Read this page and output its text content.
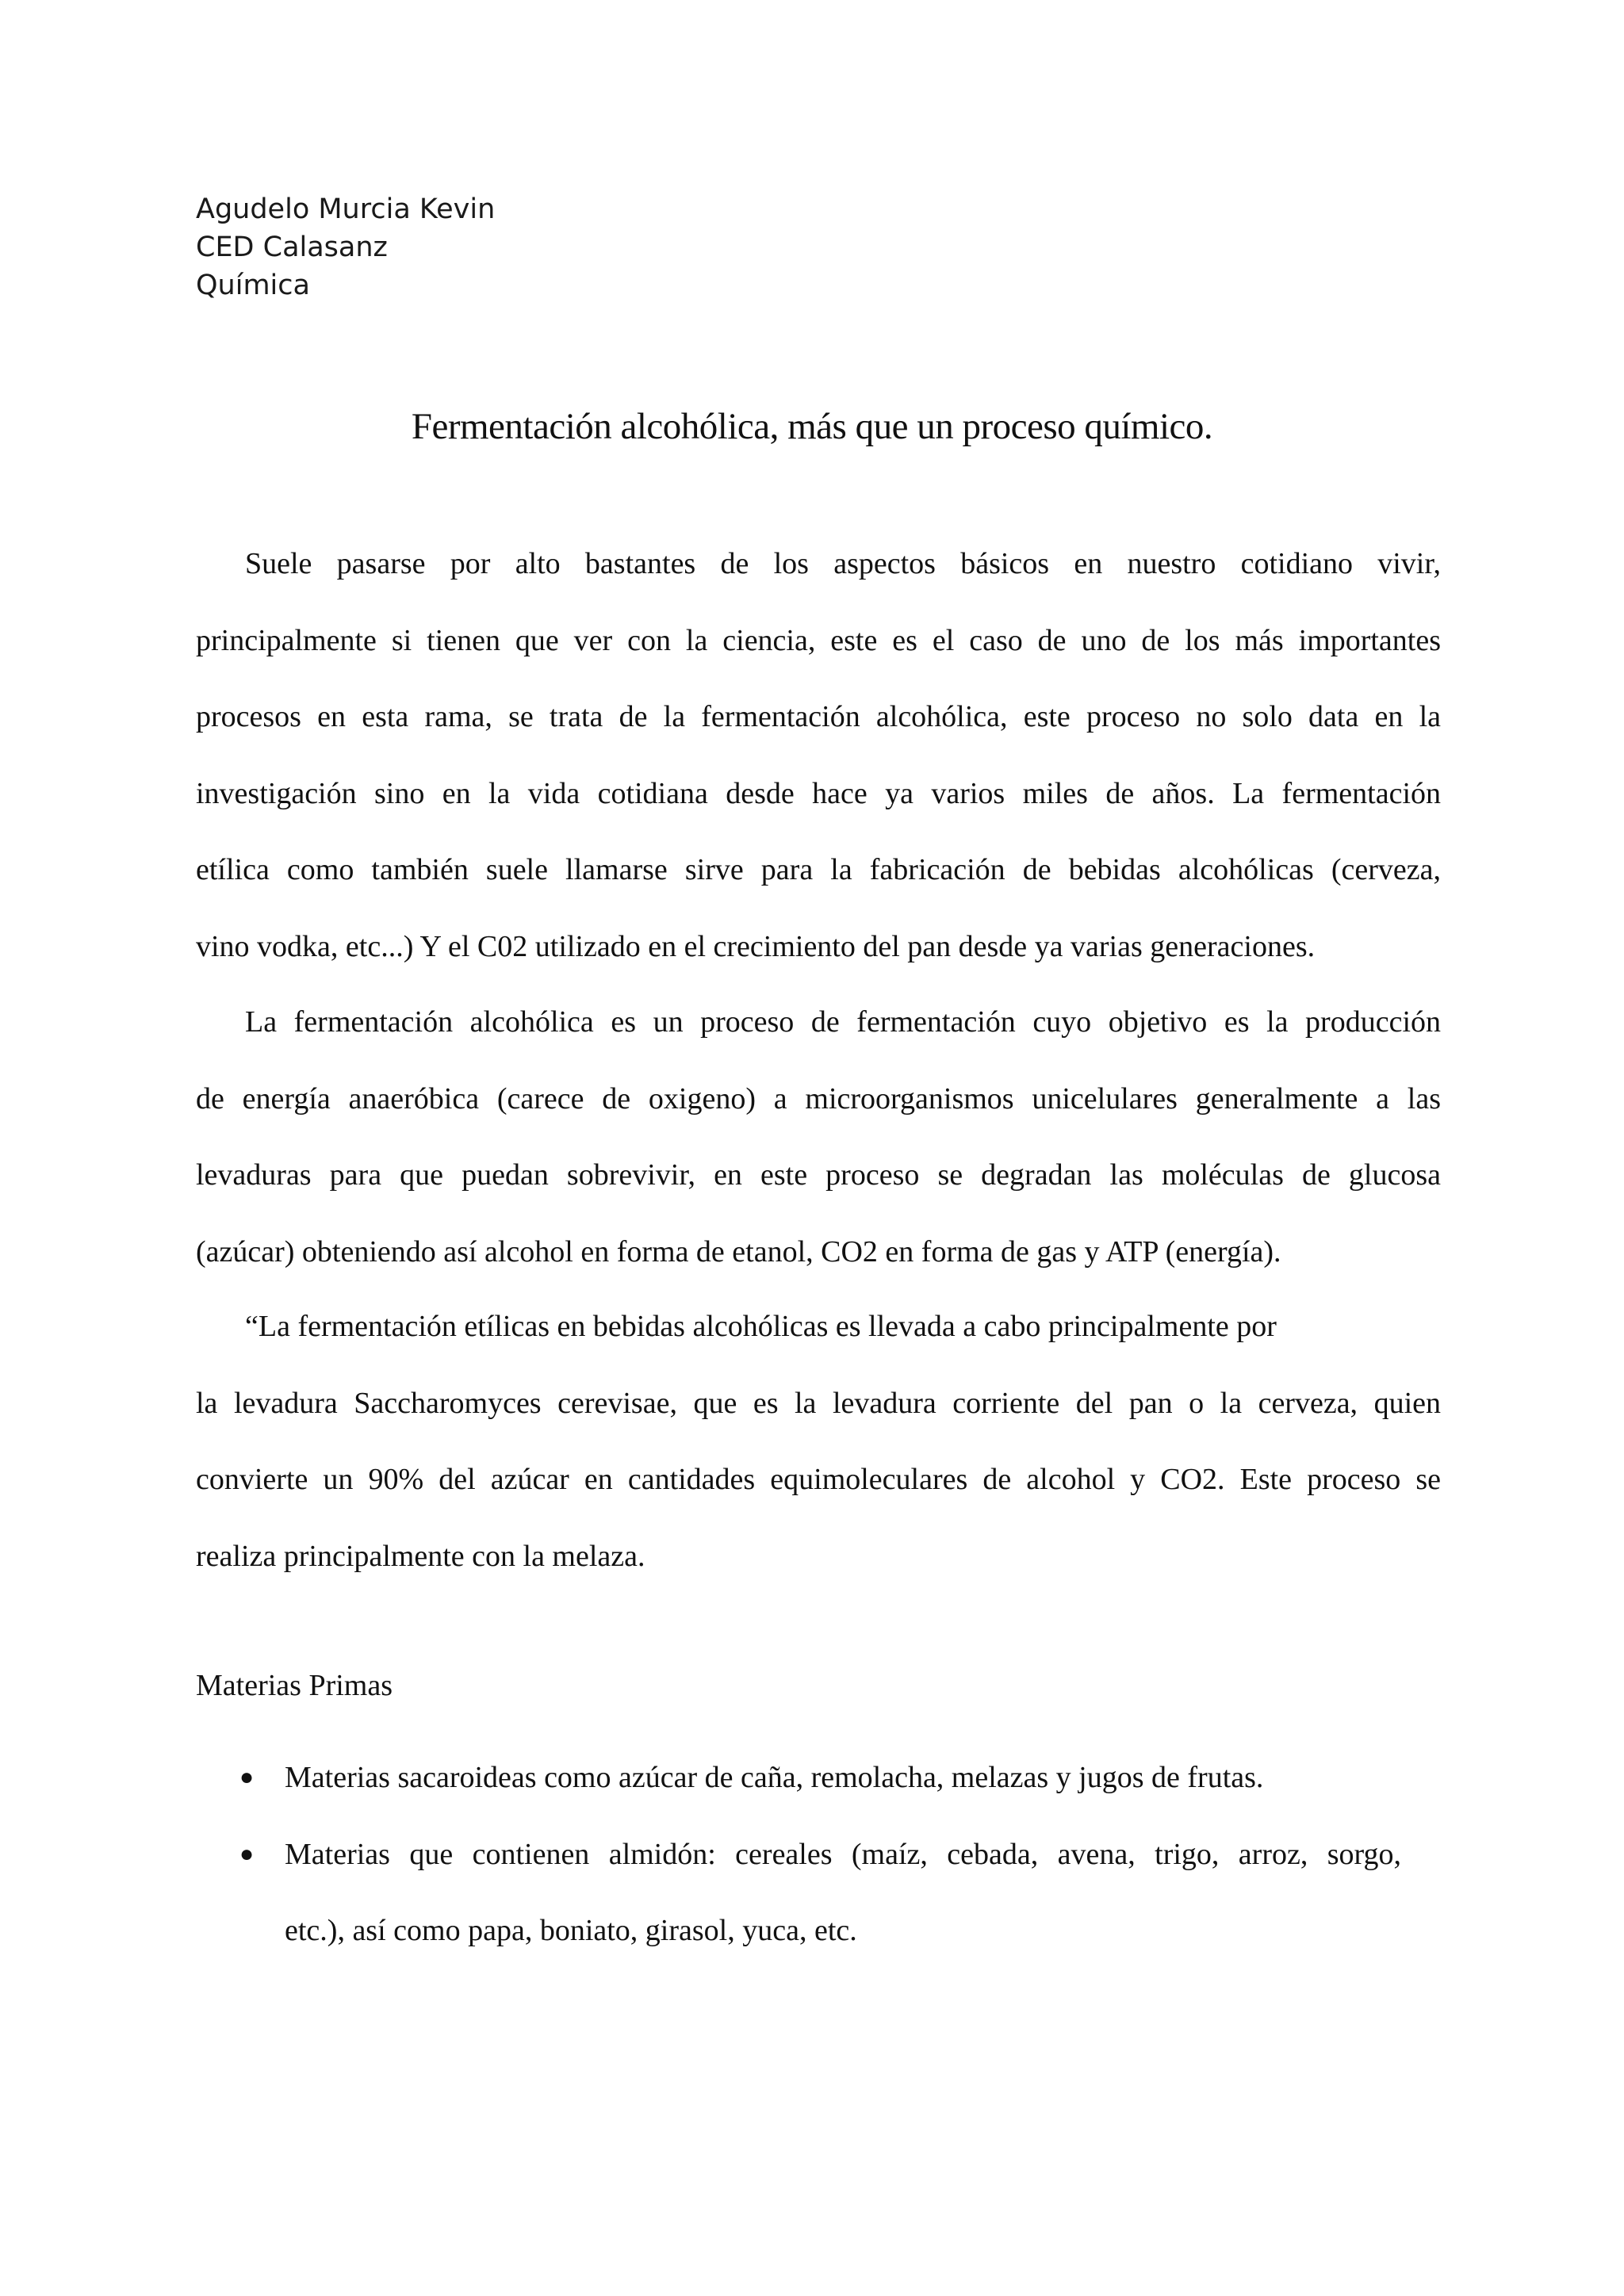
Agudelo Murcia Kevin
CED Calasanz
Química
Fermentación alcohólica, más que un proceso químico.
Suele pasarse por alto bastantes de los aspectos básicos en nuestro cotidiano vivir,
principalmente si tienen que ver con la ciencia, este es el caso de uno de los más importantes
procesos en esta rama, se trata de la fermentación alcohólica, este proceso no solo data en la
investigación sino en la vida cotidiana desde hace ya varios miles de años. La fermentación
etílica como también suele llamarse sirve para la fabricación de bebidas alcohólicas (cerveza,
vino vodka, etc...) Y el C02 utilizado en el crecimiento del pan desde ya varias generaciones.
La fermentación alcohólica es un proceso de fermentación cuyo objetivo es la producción
de energía anaeróbica (carece de oxigeno) a microorganismos unicelulares generalmente a las
levaduras para que puedan sobrevivir, en este proceso se degradan las moléculas de glucosa
(azúcar) obteniendo así alcohol en forma de etanol, CO2 en forma de gas y ATP (energía).
“La fermentación etílicas en bebidas alcohólicas es llevada a cabo principalmente por
la levadura Saccharomyces cerevisae, que es la levadura corriente del pan o la cerveza, quien
convierte un 90% del azúcar en cantidades equimoleculares de alcohol y CO2. Este proceso se
realiza principalmente con la melaza.
Materias Primas
● Materias sacaroideas como azúcar de caña, remolacha, melazas y jugos de frutas.
● Materias que contienen almidón: cereales (maíz, cebada, avena, trigo, arroz, sorgo,
etc.), así como papa, boniato, girasol, yuca, etc.
